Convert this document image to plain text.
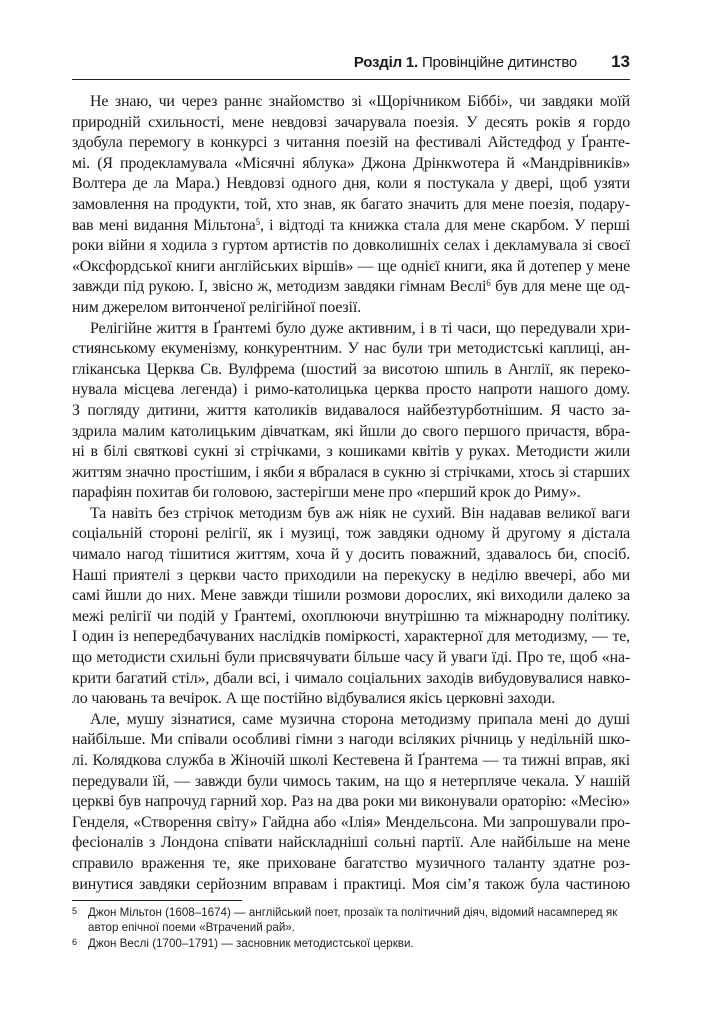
Розділ 1. Провінційне дитинство 13

Не знаю, чи через раннє знайомство зі «Щорічником Біббі», чи завдяки моїй
природній схильності, мене невдовзі зачарувала поезія. У десять років я гордо
здобула перемогу в конкурсі з читання поезій на фестивалі Айстедфод у Ґранте-
мі. (Я продекламувала «Місячні яблука» Джона Дрінкwотера й «Мандрівників»
Волтера де ла Мара.) Невдовзі одного дня, коли я постукала у двері, щоб узяти
замовлення на продукти, той, хто знав, як багато значить для мене поезія, подару-
вав мені видання Мільтона$^5$, і відтоді та книжка стала для мене скарбом. У перші
роки війни я ходила з гуртом артистів по довколишніх селах і декламувала зі своєї
«Оксфордської книги англійських віршів» — ще однієї книги, яка й дотепер у мене
завжди під рукою. І, звісно ж, методизм завдяки гімнам Веслі$^6$ був для мене ще од-
ним джерелом витонченої релігійної поезії.

Релігійне життя в Ґрантемі було дуже активним, і в ті часи, що передували хри-
стиянському екуменізму, конкурентним. У нас були три методистські каплиці, ан-
гліканська Церква Св. Вулфрема (шостий за висотою шпиль в Англії, як переко-
нувала місцева легенда) і римо-католицька церква просто напроти нашого дому.
З погляду дитини, життя католиків видавалося найбезтурботнішим. Я часто за-
здрила малим католицьким дівчаткам, які йшли до свого першого причастя, вбра-
ні в білі святкові сукні зі стрічками, з кошиками квітів у руках. Методисти жили
життям значно простішим, і якби я вбралася в сукню зі стрічками, хтось зі старших
парафіян похитав би головою, застерігши мене про «перший крок до Риму».

Та навіть без стрічок методизм був аж ніяк не сухий. Він надавав великої ваги
соціальній стороні релігії, як і музиці, тож завдяки одному й другому я дістала
чимало нагод тішитися життям, хоча й у досить поважний, здавалось би, спосіб.
Наші приятелі з церкви часто приходили на перекуску в неділю ввечері, або ми
самі йшли до них. Мене завжди тішили розмови дорослих, які виходили далеко за
межі релігії чи подій у Ґрантемі, охоплюючи внутрішню та міжнародну політику.
І один із непередбачуваних наслідків поміркості, характерної для методизму, — те,
що методисти схильні були присвячувати більше часу й уваги їді. Про те, щоб «на-
крити багатий стіл», дбали всі, і чимало соціальних заходів вибудовувалися навко-
ло чаювань та вечірок. А ще постійно відбувалися якісь церковні заходи.

Але, мушу зізнатися, саме музична сторона методизму припала мені до душі
найбільше. Ми співали особливі гімни з нагоди всіляких річниць у недільній шко-
лі. Колядкова служба в Жіночій школі Кестевена й Ґрантема — та тижні вправ, які
передували їй, — завжди були чимось таким, на що я нетерпляче чекала. У нашій
церкві був напрочуд гарний хор. Раз на два роки ми виконували ораторію: «Месію»
Генделя, «Створення світу» Гайдна або «Ілія» Мендельсона. Ми запрошували про-
фесіоналів з Лондона співати найскладніші сольні партії. Але найбільше на мене
справило враження те, яке приховане багатство музичного таланту здатне роз-
винутися завдяки серйозним вправам і практиці. Моя сім’я також була частиною

5 Джон Мільтон (1608–1674) — англійський поет, прозаїк та політичний діяч, відомий насамперед як
автор епічної поеми «Втрачений рай».
6 Джон Веслі (1700–1791) — засновник методистської церкви.
